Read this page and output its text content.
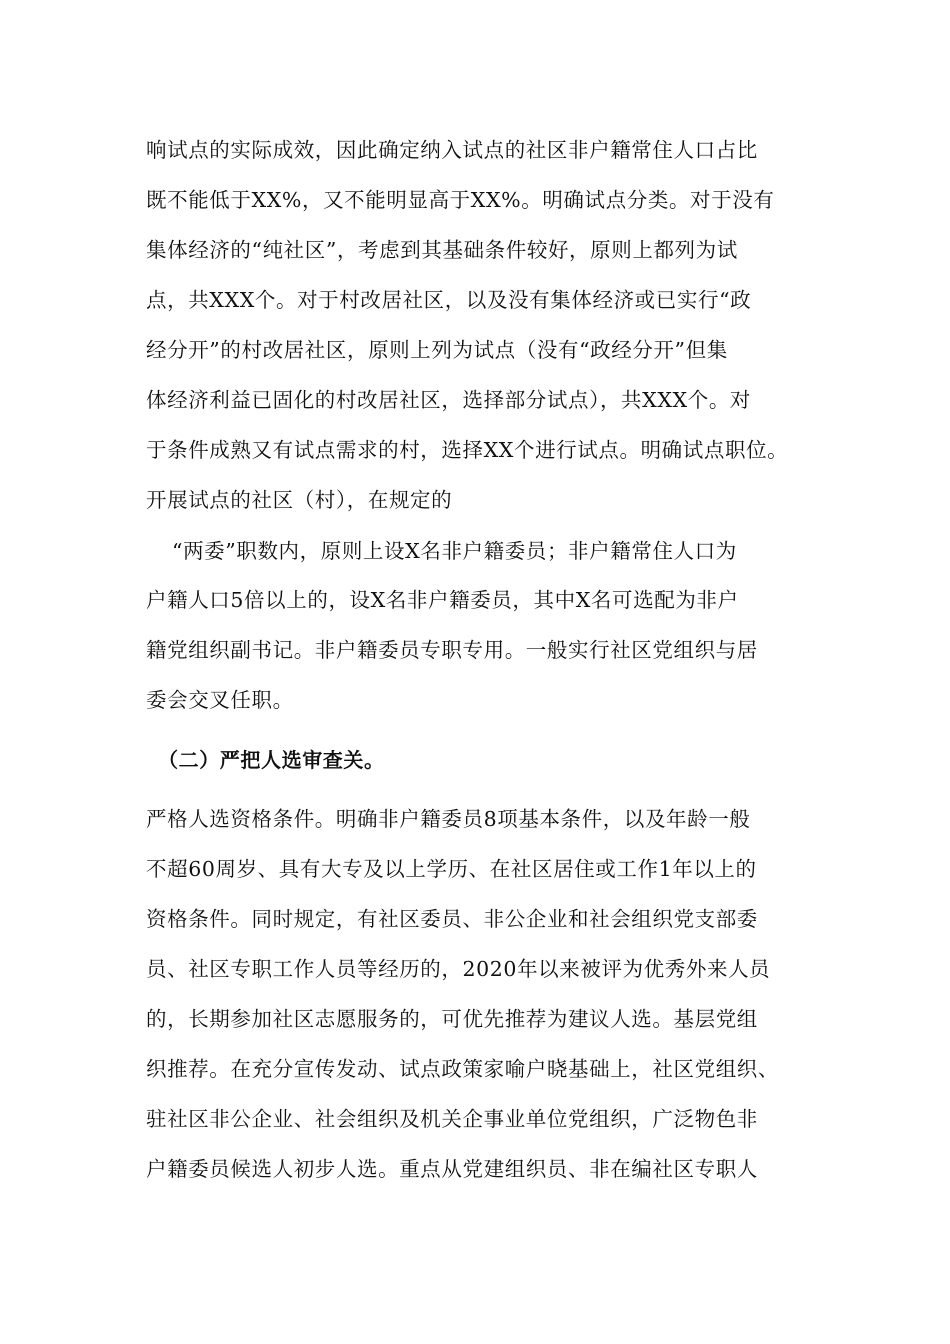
响试点的实际成效，因此确定纳入试点的社区非户籍常住人口占比
既不能低于XX%，又不能明显高于XX%。明确试点分类。对于没有
集体经济的“纯社区”，考虑到其基础条件较好，原则上都列为试
点，共XXX个。对于村改居社区，以及没有集体经济或已实行“政
经分开”的村改居社区，原则上列为试点（没有“政经分开”但集
体经济利益已固化的村改居社区，选择部分试点），共XXX个。对
于条件成熟又有试点需求的村，选择XX个进行试点。明确试点职位。
开展试点的社区（村），在规定的
“两委”职数内，原则上设X名非户籍委员；非户籍常住人口为
户籍人口5倍以上的，设X名非户籍委员，其中X名可选配为非户
籍党组织副书记。非户籍委员专职专用。一般实行社区党组织与居
委会交叉任职。
（二）严把人选审查关。
严格人选资格条件。明确非户籍委员8项基本条件，以及年龄一般
不超60周岁、具有大专及以上学历、在社区居住或工作1年以上的
资格条件。同时规定，有社区委员、非公企业和社会组织党支部委
员、社区专职工作人员等经历的，2020年以来被评为优秀外来人员
的，长期参加社区志愿服务的，可优先推荐为建议人选。基层党组
织推荐。在充分宣传发动、试点政策家喻户晓基础上，社区党组织、
驻社区非公企业、社会组织及机关企事业单位党组织，广泛物色非
户籍委员候选人初步人选。重点从党建组织员、非在编社区专职人
